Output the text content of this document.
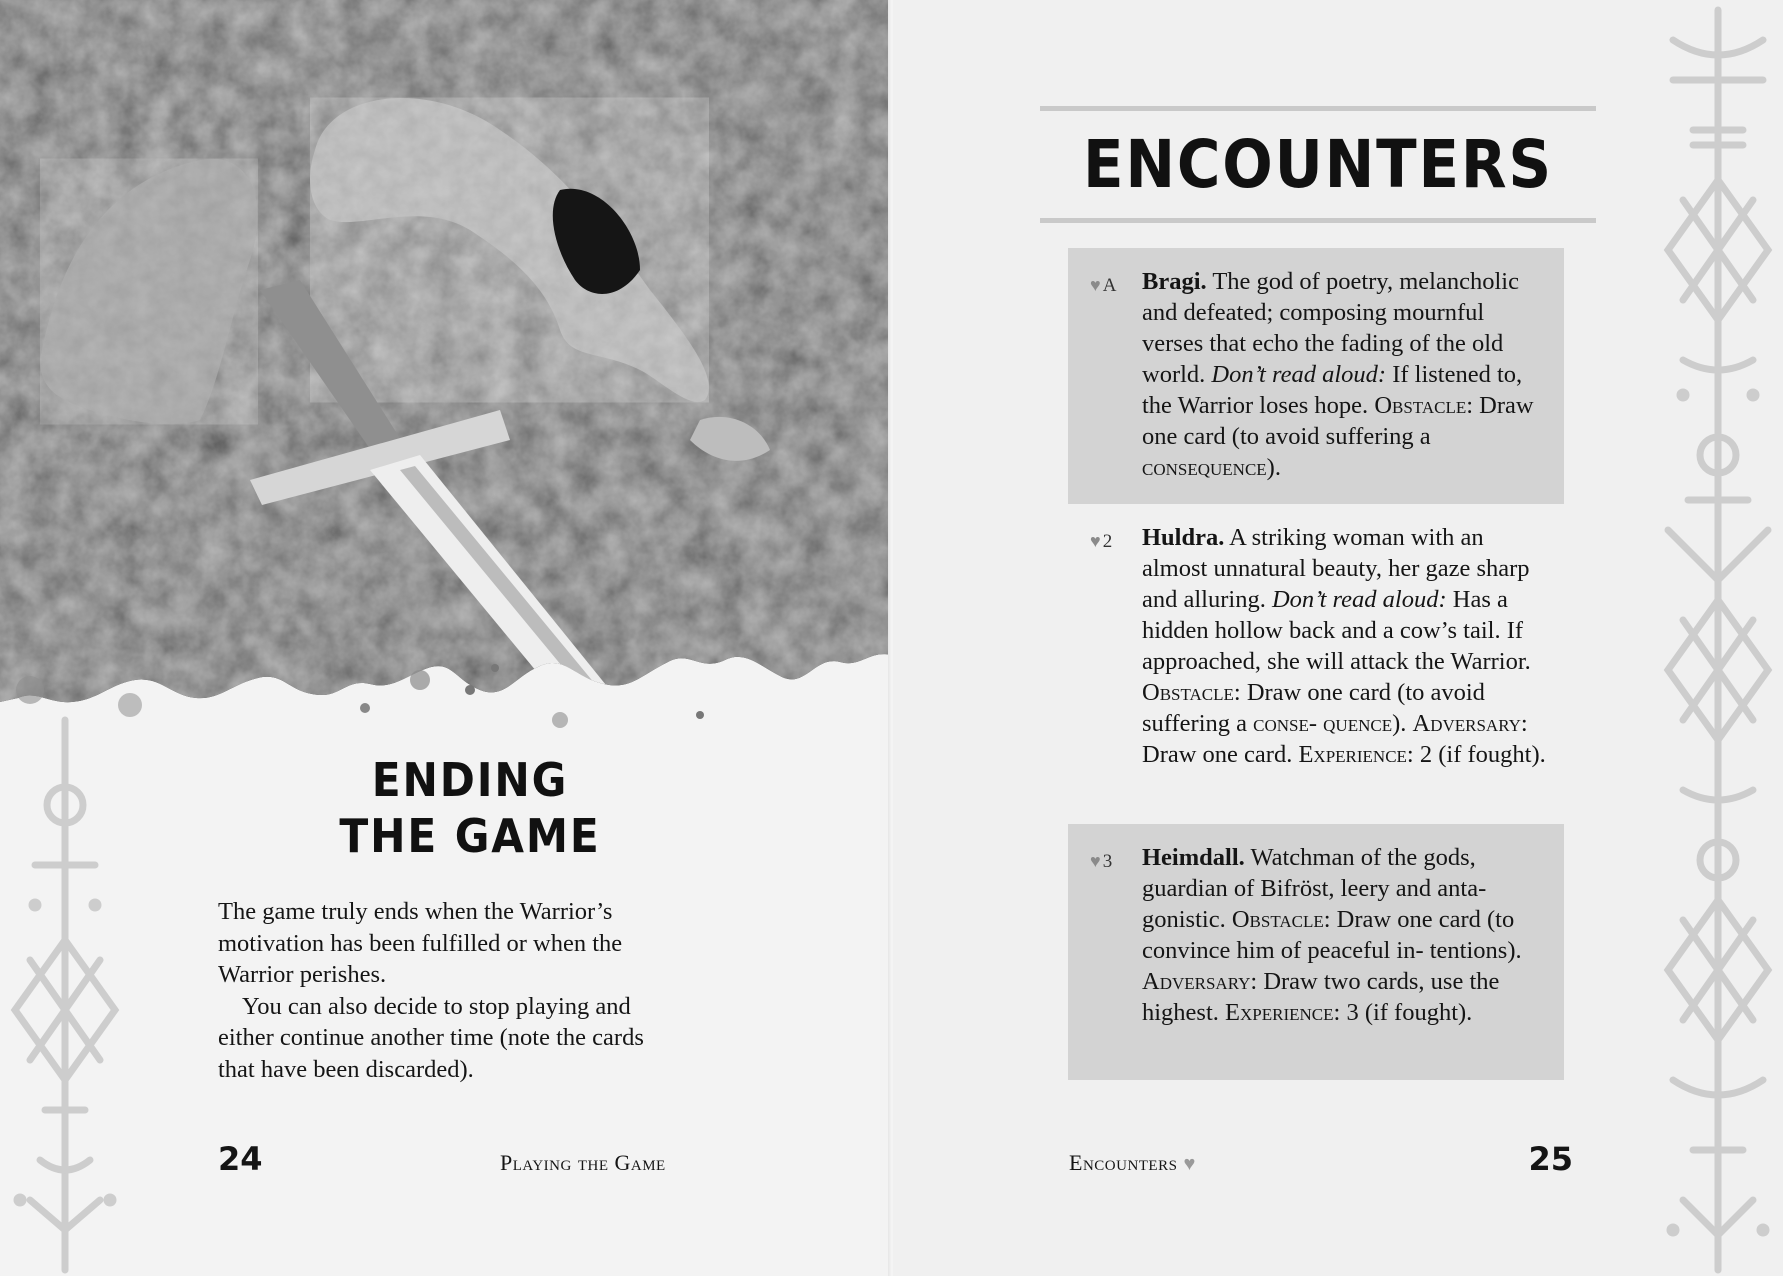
ENDING
THE GAME

The game truly ends when the Warrior’s motivation has been fulfilled or when the Warrior perishes.

You can also decide to stop playing and either continue another time (note the cards that have been discarded).

24	Playing the Game
ENCOUNTERS
♥ A Bragi. The god of poetry, melancholic and defeated; composing mournful verses that echo the fading of the old world. Don’t read aloud: If listened to, the Warrior loses hope. Obstacle: Draw one card (to avoid suffering a consequence).

♥ 2 Huldra. A striking woman with an almost unnatural beauty, her gaze sharp and alluring. Don’t read aloud: Has a hidden hollow back and a cow’s tail. If approached, she will attack the Warrior. Obstacle: Draw one card (to avoid suffering a conse- quence). Adversary: Draw one card. Experience: 2 (if fought).

♥ 3 Heimdall. Watchman of the gods, guardian of Bifröst, leery and anta- gonistic. Obstacle: Draw one card (to convince him of peaceful in- tentions). Adversary: Draw two cards, use the highest. Experience: 3 (if fought).

Encounters ♥	25
